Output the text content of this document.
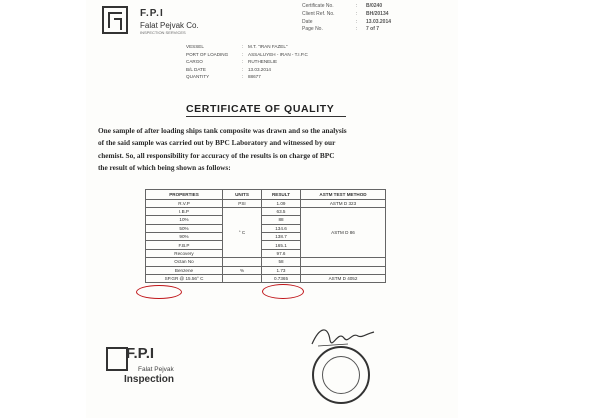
F.P.I
Falat Pejvak Co.
INSPECTION SERVICES
Certificate No.	:	B/0240
Client Ref. No.	:	BH/20134
Date	:	13.03.2014
Page No.	:	7 of 7
VESSEL	:	M.T. "IRAN FAZEL"
PORT OF LOADING	:	ASSALUYEH - IRAN - T.I.P.C
CARGO	:	RUTHENELIE
B/L DATE	:	13.03.2014
QUANTITY	:	88677
CERTIFICATE OF QUALITY
One sample of after loading ships tank composite was drawn and so the analysis
of the said sample was carried out by BPC Laboratory and witnessed by our
chemist. So, all responsibility for accuracy of the results is on charge of BPC
the result of which being shown as follows:
PROPERTIES	UNITS	RESULT	ASTM TEST METHOD
R.V.P	PSI	1.09	ASTM D 323
I.B.P	° C	63.5	ASTM D 86
10%		88	
50%		134.6	
90%		138.7	
F.B.P		165.1	
Recovery		97.6	
Octan No		58	
Benzene	%	1.73	
SP.GR @ 15.56° C		0.7365	ASTM D 4052
F.P.I
Falat Pejvak
Inspection
